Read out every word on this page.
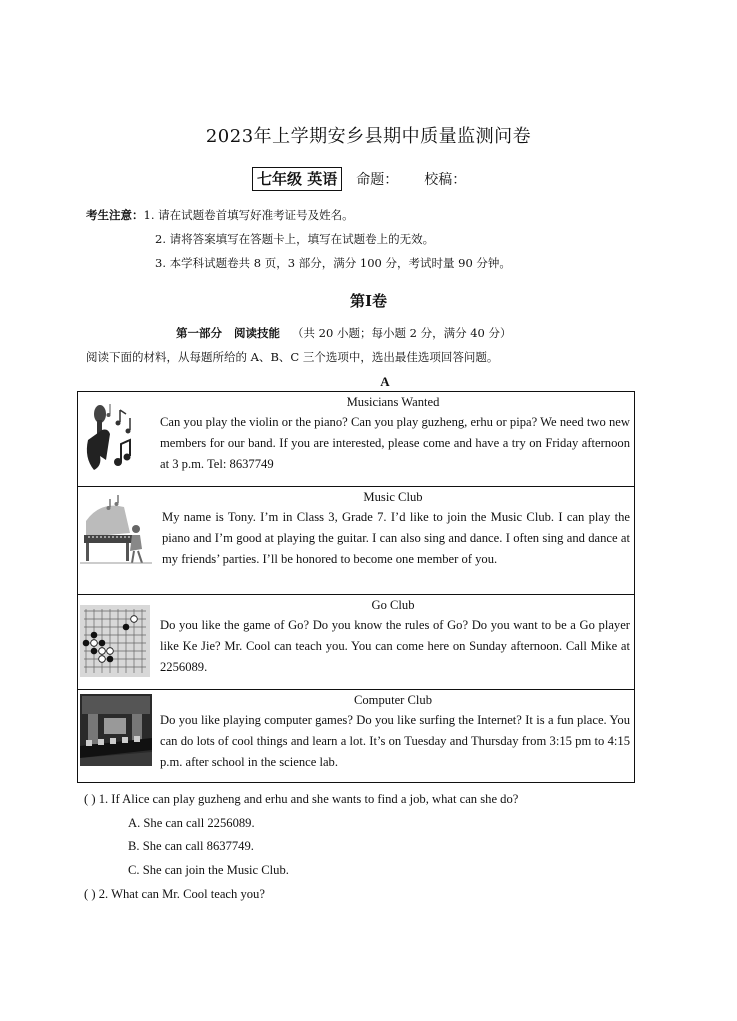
2023年上学期安乡县期中质量监测问卷
七年级 英语	命题： 校稿：
考生注意：1. 请在试题卷首填写好准考证号及姓名。
2. 请将答案填写在答题卡上，填写在试题卷上的无效。
3. 本学科试题卷共 8 页，3 部分，满分 100 分，考试时量 90 分钟。
第Ⅰ卷
第一部分 阅读技能 （共 20 小题；每小题 2 分，满分 40 分）
阅读下面的材料，从每题所给的 A、B、C 三个选项中，选出最佳选项回答问题。
A
Musicians Wanted
Can you play the violin or the piano? Can you play guzheng, erhu or pipa? We need two new members for our band. If you are interested, please come and have a try on Friday afternoon at 3 p.m. Tel: 8637749
Music Club
My name is Tony. I’m in Class 3, Grade 7. I’d like to join the Music Club. I can play the piano and I’m good at playing the guitar. I can also sing and dance. I often sing and dance at my friends’ parties. I’ll be honored to become one member of you.
Go Club
Do you like the game of Go? Do you know the rules of Go? Do you want to be a Go player like Ke Jie? Mr. Cool can teach you. You can come here on Sunday afternoon. Call Mike at 2256089.
Computer Club
Do you like playing computer games? Do you like surfing the Internet? It is a fun place. You can do lots of cool things and learn a lot. It’s on Tuesday and Thursday from 3:15 pm to 4:15 p.m. after school in the science lab.
( ) 1. If Alice can play guzheng and erhu and she wants to find a job, what can she do?
A. She can call 2256089.
B. She can call 8637749.
C. She can join the Music Club.
( ) 2. What can Mr. Cool teach you?
